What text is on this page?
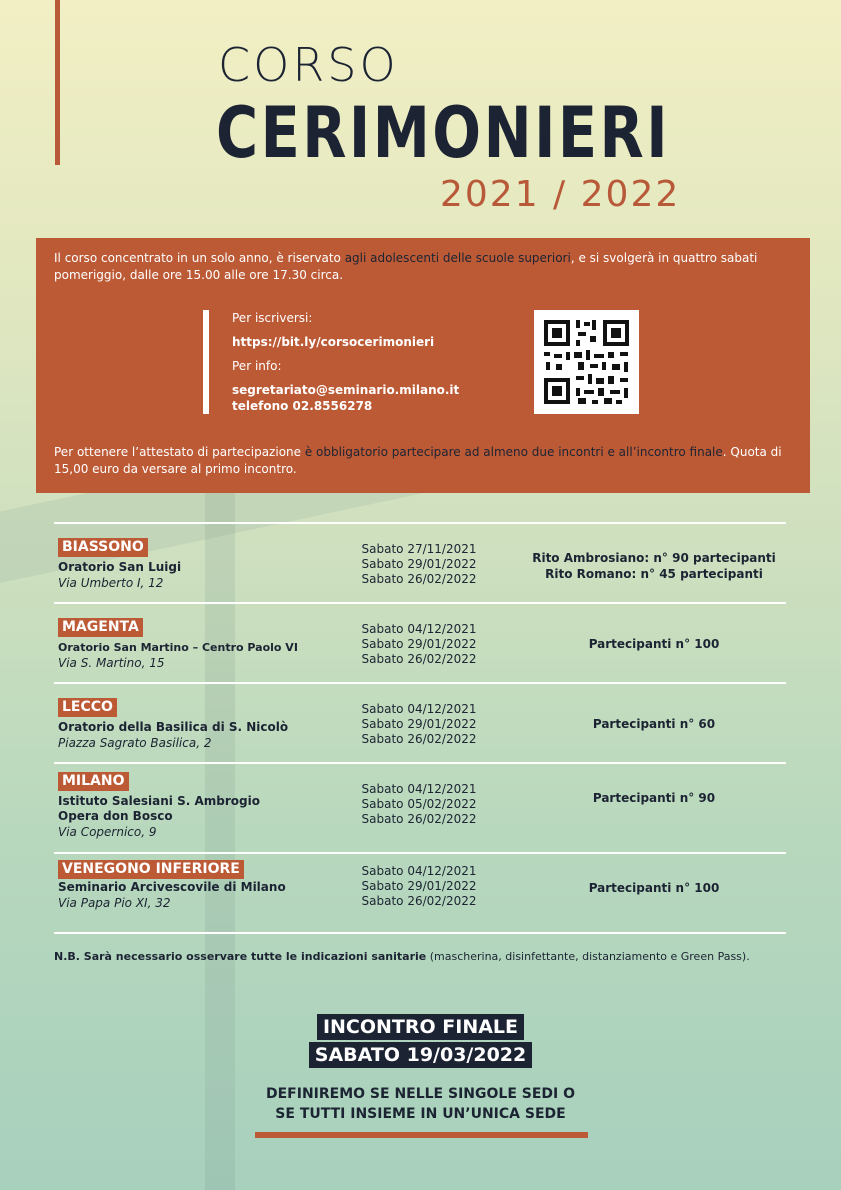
CORSO
CERIMONIERI
2021 / 2022
Il corso concentrato in un solo anno, è riservato agli adolescenti delle scuole superiori, e si svolgerà in quattro sabati pomeriggio, dalle ore 15.00 alle ore 17.30 circa.
Per iscriversi:
https://bit.ly/corsocerimonieri
Per info:
segretariato@seminario.milano.it
telefono 02.8556278
Per ottenere l’attestato di partecipazione è obbligatorio partecipare ad almeno due incontri e all’incontro finale. Quota di 15,00 euro da versare al primo incontro.
BIASSONO
Oratorio San Luigi
Via Umberto I, 12
Sabato 27/11/2021
Sabato 29/01/2022
Sabato 26/02/2022
Rito Ambrosiano: n° 90 partecipanti
Rito Romano: n° 45 partecipanti
MAGENTA
Oratorio San Martino – Centro Paolo VI
Via S. Martino, 15
Sabato 04/12/2021
Sabato 29/01/2022
Sabato 26/02/2022
Partecipanti n° 100
LECCO
Oratorio della Basilica di S. Nicolò
Piazza Sagrato Basilica, 2
Sabato 04/12/2021
Sabato 29/01/2022
Sabato 26/02/2022
Partecipanti n° 60
MILANO
Istituto Salesiani S. Ambrogio Opera don Bosco
Via Copernico, 9
Sabato 04/12/2021
Sabato 05/02/2022
Sabato 26/02/2022
Partecipanti n° 90
VENEGONO INFERIORE
Seminario Arcivescovile di Milano
Via Papa Pio XI, 32
Sabato 04/12/2021
Sabato 29/01/2022
Sabato 26/02/2022
Partecipanti n° 100
N.B. Sarà necessario osservare tutte le indicazioni sanitarie (mascherina, disinfettante, distanziamento e Green Pass).
INCONTRO FINALE
SABATO 19/03/2022
DEFINIREMO SE NELLE SINGOLE SEDI O
SE TUTTI INSIEME IN UN’UNICA SEDE
